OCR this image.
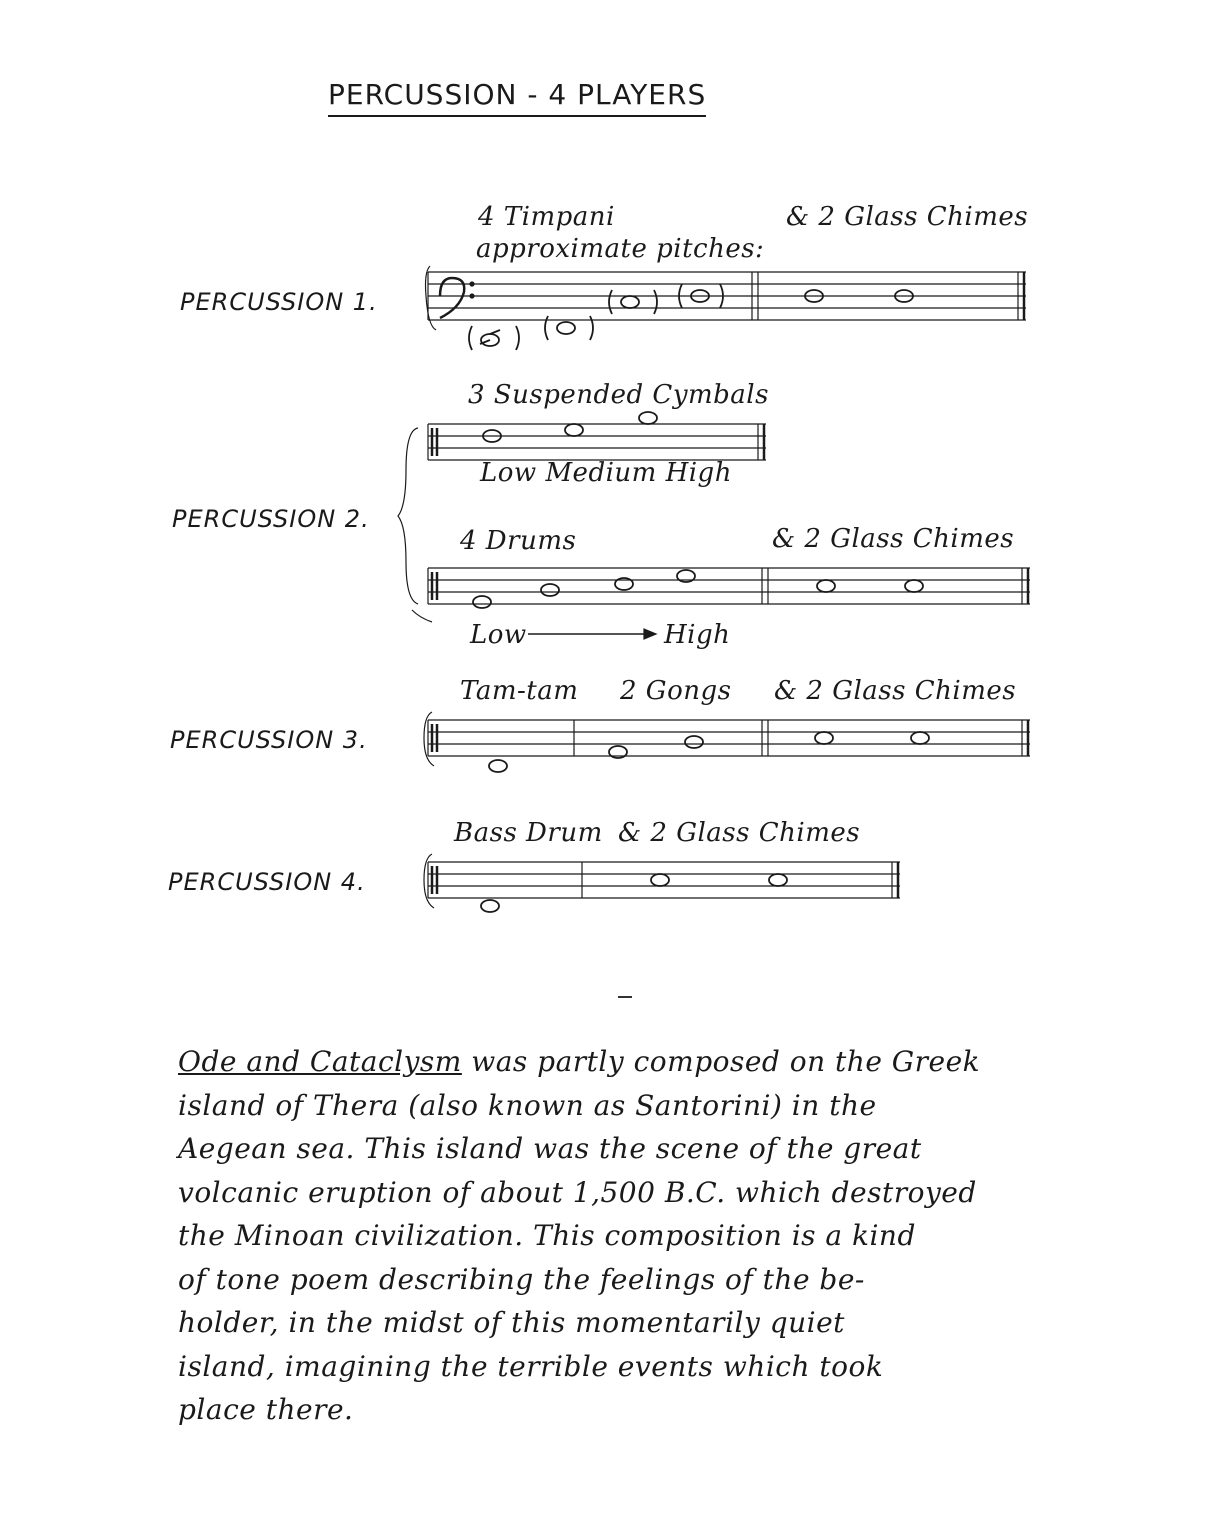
PERCUSSION - 4 PLAYERS
PERCUSSION 1.
PERCUSSION 2.
PERCUSSION 3.
PERCUSSION 4.
4 Timpani
approximate pitches:
& 2 Glass Chimes
3 Suspended Cymbals
Low Medium High
4 Drums	& 2 Glass Chimes
Low	High
Tam-tam 2 Gongs & 2 Glass Chimes
Bass Drum & 2 Glass Chimes
Ode and Cataclysm was partly composed on the Greek
island of Thera (also known as Santorini) in the
Aegean sea. This island was the scene of the great
volcanic eruption of about 1,500 B.C. which destroyed
the Minoan civilization. This composition is a kind
of tone poem describing the feelings of the be-
holder, in the midst of this momentarily quiet
island, imagining the terrible events which took
place there.
